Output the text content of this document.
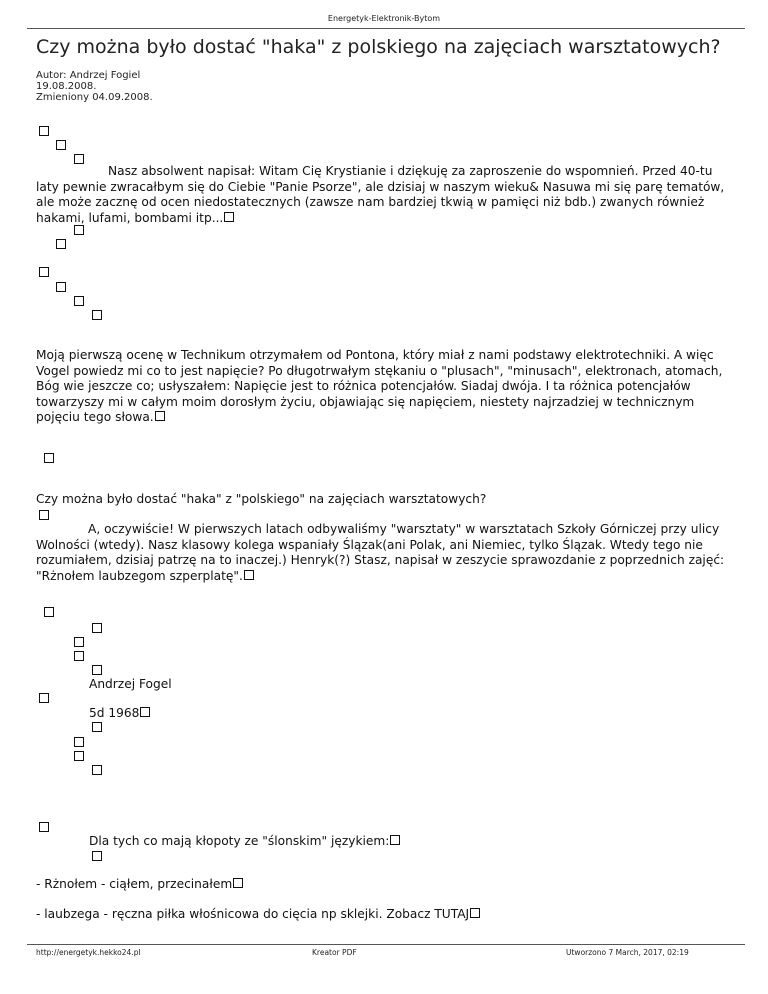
Energetyk-Elektronik-Bytom
Czy można było dostać "haka" z polskiego na zajęciach warsztatowych?
Autor: Andrzej Fogiel
19.08.2008.
Zmieniony 04.09.2008.

Nasz absolwent napisał: Witam Cię Krystianie i dziękuję za zaproszenie do wspomnień. Przed 40-tu laty pewnie zwracałbym się do Ciebie "Panie Psorze", ale dzisiaj w naszym wieku& Nasuwa mi się parę tematów, ale może zacznę od ocen niedostatecznych (zawsze nam bardziej tkwią w pamięci niż bdb.) zwanych również hakami, lufami, bombami itp...

Moją pierwszą ocenę w Technikum otrzymałem od Pontona, który miał z nami podstawy elektrotechniki. A więc Vogel powiedz mi co to jest napięcie? Po długotrwałym stękaniu o "plusach", "minusach", elektronach, atomach, Bóg wie jeszcze co; usłyszałem: Napięcie jest to różnica potencjałów. Siadaj dwója. I ta różnica potencjałów towarzyszy mi w całym moim dorosłym życiu, objawiając się napięciem, niestety najrzadziej w technicznym pojęciu tego słowa.

Czy można było dostać "haka" z "polskiego" na zajęciach warsztatowych?

A, oczywiście! W pierwszych latach odbywaliśmy "warsztaty" w warsztatach Szkoły Górniczej przy ulicy Wolności (wtedy). Nasz klasowy kolega wspaniały Ślązak(ani Polak, ani Niemiec, tylko Ślązak. Wtedy tego nie rozumiałem, dzisiaj patrzę na to inaczej.) Henryk(?) Stasz, napisał w zeszycie sprawozdanie z poprzednich zajęć: "Rżnołem laubzegom szperplatę".

Andrzej Fogel
5d 1968
Dla tych co mają kłopoty ze "ślonskim" językiem:
- Rżnołem - ciąłem, przecinałem
- laubzega - ręczna piłka włośnicowa do cięcia np sklejki. Zobacz TUTAJ
http://energetyk.hekko24.pl	Kreator PDF	Utworzono 7 March, 2017, 02:19
